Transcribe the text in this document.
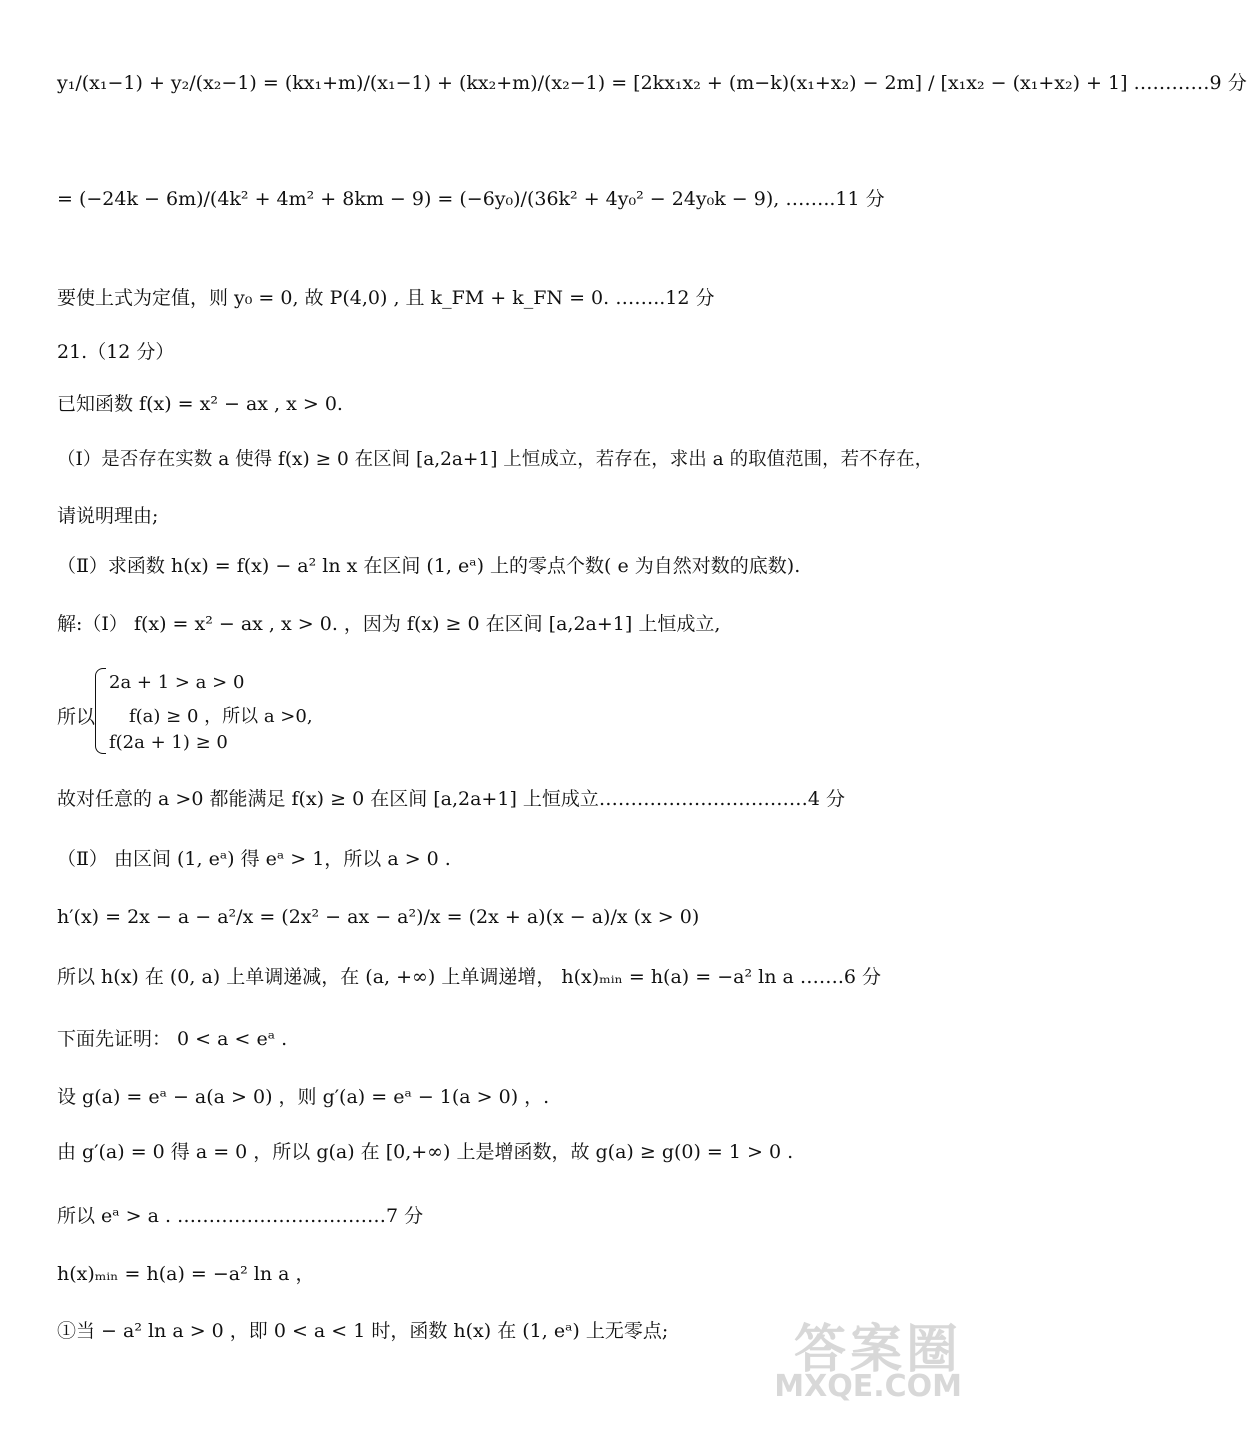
y₁/(x₁−1) + y₂/(x₂−1) = (kx₁+m)/(x₁−1) + (kx₂+m)/(x₂−1) = [2kx₁x₂ + (m−k)(x₁+x₂) − 2m] / [x₁x₂ − (x₁+x₂) + 1] …………9 分
= (−24k − 6m)/(4k² + 4m² + 8km − 9) = (−6y₀)/(36k² + 4y₀² − 24y₀k − 9), ……..11 分
要使上式为定值，则 y₀ = 0, 故 P(4,0) , 且 k_FM + k_FN = 0. ……..12 分
21.（12 分）
已知函数 f(x) = x² − ax , x > 0.
（Ⅰ）是否存在实数 a 使得 f(x) ≥ 0 在区间 [a,2a+1] 上恒成立，若存在，求出 a 的取值范围，若不存在，
请说明理由;
（Ⅱ）求函数 h(x) = f(x) − a² ln x 在区间 (1, eᵃ) 上的零点个数( e 为自然对数的底数).
解:（Ⅰ） f(x) = x² − ax , x > 0. ，因为 f(x) ≥ 0 在区间 [a,2a+1] 上恒成立,
所以
2a + 1 > a > 0
f(a) ≥ 0 ，所以 a >0,
f(2a + 1) ≥ 0
故对任意的 a >0 都能满足 f(x) ≥ 0 在区间 [a,2a+1] 上恒成立……………………………4 分
（Ⅱ） 由区间 (1, eᵃ) 得 eᵃ > 1，所以 a > 0 .
h′(x) = 2x − a − a²/x = (2x² − ax − a²)/x = (2x + a)(x − a)/x (x > 0)
所以 h(x) 在 (0, a) 上单调递减，在 (a, +∞) 上单调递增， h(x)ₘᵢₙ = h(a) = −a² ln a …….6 分
下面先证明： 0 < a < eᵃ .
设 g(a) = eᵃ − a(a > 0) ，则 g′(a) = eᵃ − 1(a > 0) ，.
由 g′(a) = 0 得 a = 0 ，所以 g(a) 在 [0,+∞) 上是增函数，故 g(a) ≥ g(0) = 1 > 0 .
所以 eᵃ > a . ……………………………7 分
h(x)ₘᵢₙ = h(a) = −a² ln a ，
①当 − a² ln a > 0 ，即 0 < a < 1 时，函数 h(x) 在 (1, eᵃ) 上无零点; 答案圈
MXQE.COM
